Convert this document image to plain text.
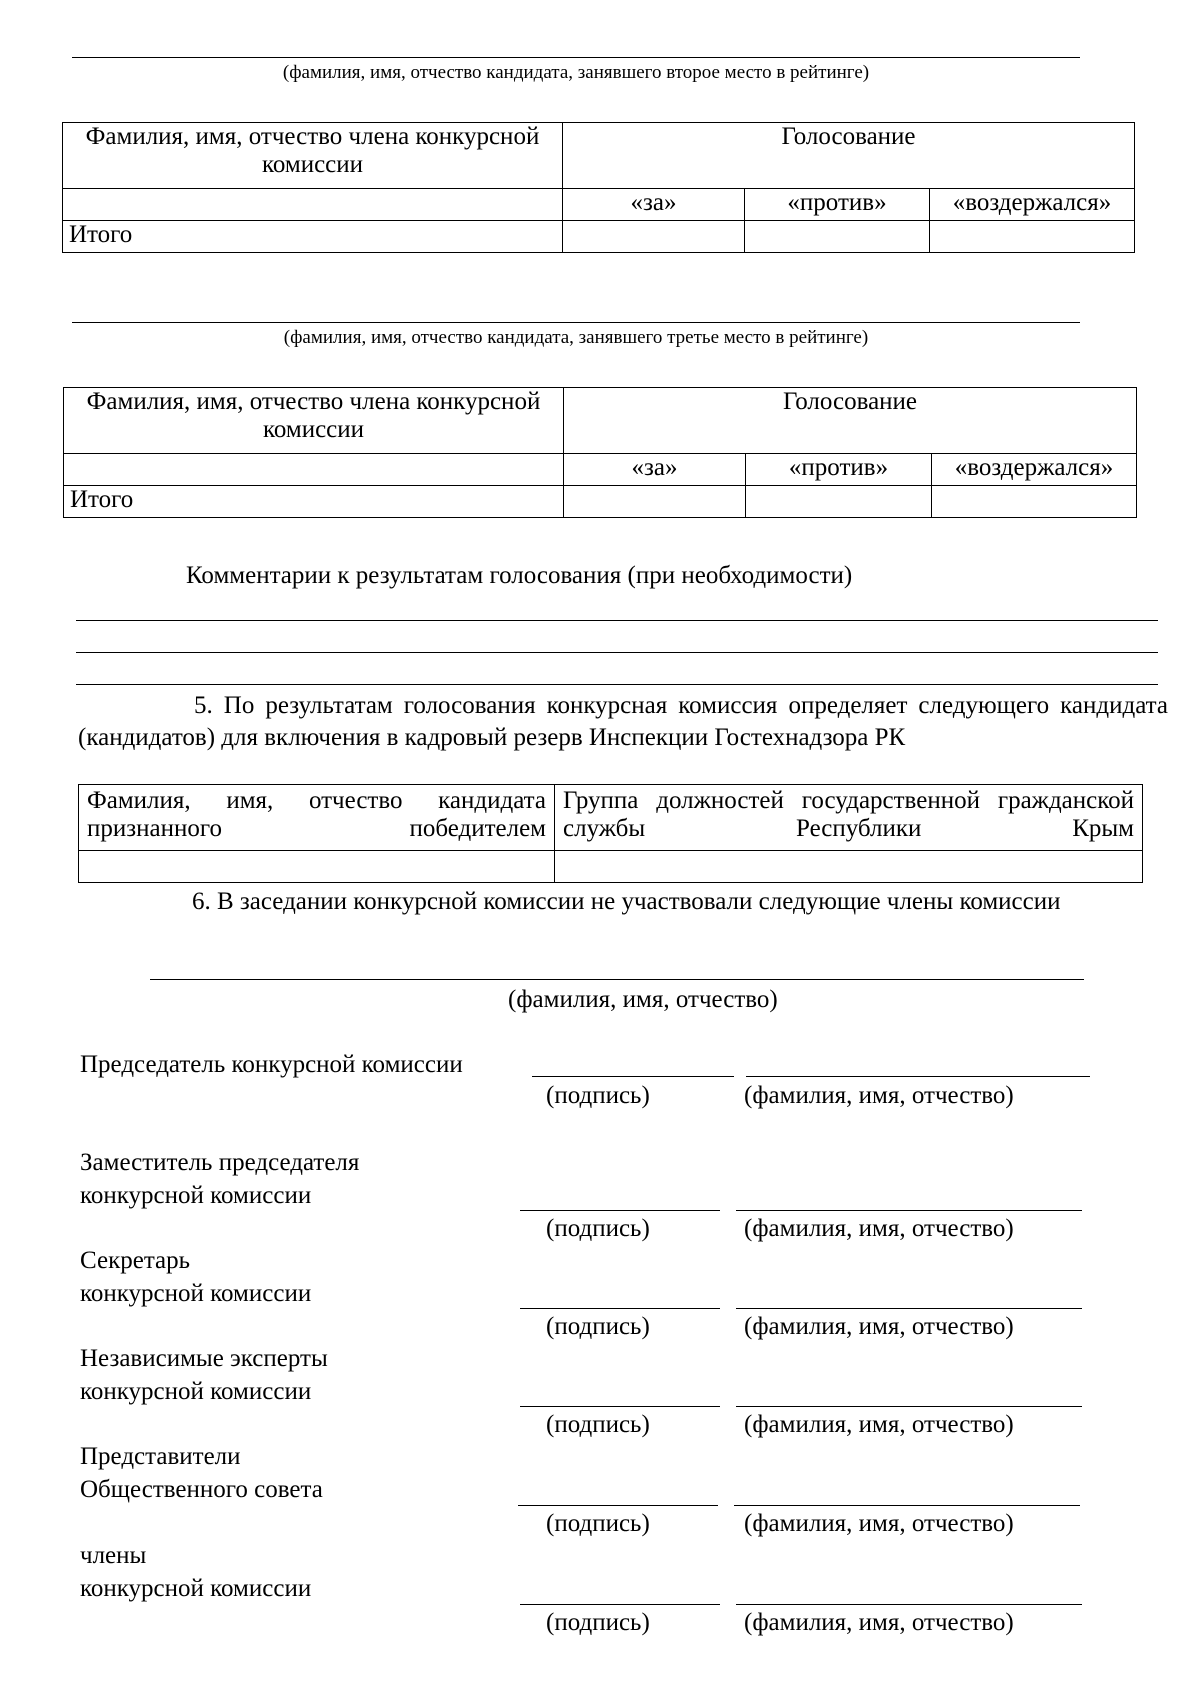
(фамилия, имя, отчество кандидата, занявшего второе место в рейтинге)
Фамилия, имя, отчество члена конкурсной комиссии	Голосование		
	«за»	«против»	«воздержался»
Итого			
(фамилия, имя, отчество кандидата, занявшего третье место в рейтинге)
Фамилия, имя, отчество члена конкурсной комиссии	Голосование		
	«за»	«против»	«воздержался»
Итого			
Комментарии к результатам голосования (при необходимости)
5. По результатам голосования конкурсная комиссия определяет следующего кандидата (кандидатов) для включения в кадровый резерв Инспекции Гостехнадзора РК
Фамилия, имя, отчество кандидата признанного победителем	Группа должностей государственной гражданской службы Республики Крым

6. В заседании конкурсной комиссии не участвовали следующие члены комиссии
(фамилия, имя, отчество)
Председатель конкурсной комиссии
(подпись)	(фамилия, имя, отчество)
Заместитель председателя
конкурсной комиссии
(подпись)	(фамилия, имя, отчество)
Секретарь
конкурсной комиссии
(подпись)	(фамилия, имя, отчество)
Независимые эксперты
конкурсной комиссии
(подпись)	(фамилия, имя, отчество)
Представители
Общественного совета
(подпись)	(фамилия, имя, отчество)
члены
конкурсной комиссии
(подпись)	(фамилия, имя, отчество)
